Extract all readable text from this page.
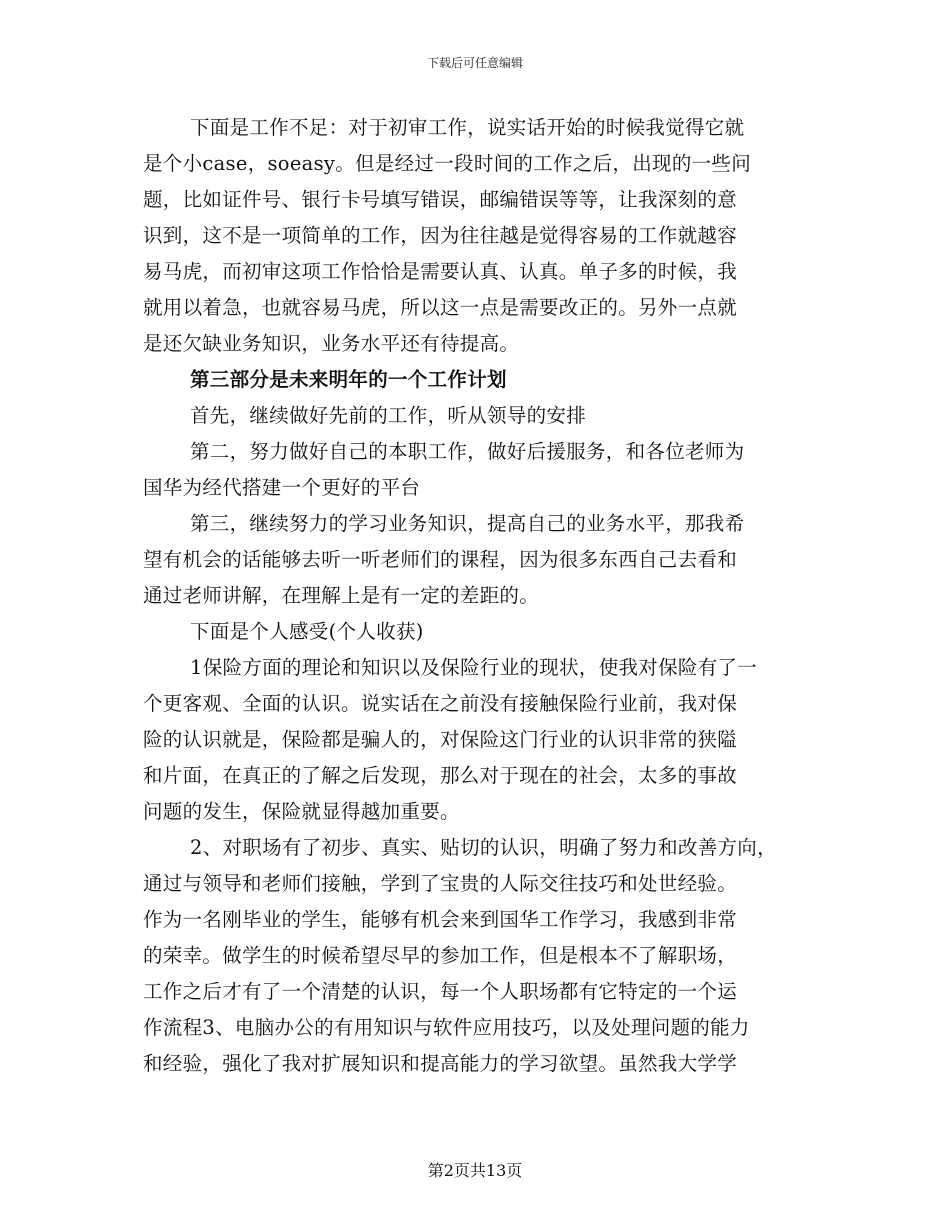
下载后可任意编辑
下面是工作不足：对于初审工作，说实话开始的时候我觉得它就
是个小case，soeasy。但是经过一段时间的工作之后，出现的一些问
题，比如证件号、银行卡号填写错误，邮编错误等等，让我深刻的意
识到，这不是一项简单的工作，因为往往越是觉得容易的工作就越容
易马虎，而初审这项工作恰恰是需要认真、认真。单子多的时候，我
就用以着急，也就容易马虎，所以这一点是需要改正的。另外一点就
是还欠缺业务知识，业务水平还有待提高。
第三部分是未来明年的一个工作计划
首先，继续做好先前的工作，听从领导的安排
第二，努力做好自己的本职工作，做好后援服务，和各位老师为
国华为经代搭建一个更好的平台
第三，继续努力的学习业务知识，提高自己的业务水平，那我希
望有机会的话能够去听一听老师们的课程，因为很多东西自己去看和
通过老师讲解，在理解上是有一定的差距的。
下面是个人感受(个人收获)
1保险方面的理论和知识以及保险行业的现状，使我对保险有了一
个更客观、全面的认识。说实话在之前没有接触保险行业前，我对保
险的认识就是，保险都是骗人的，对保险这门行业的认识非常的狭隘
和片面，在真正的了解之后发现，那么对于现在的社会，太多的事故
问题的发生，保险就显得越加重要。
2、对职场有了初步、真实、贴切的认识，明确了努力和改善方向，
通过与领导和老师们接触，学到了宝贵的人际交往技巧和处世经验。
作为一名刚毕业的学生，能够有机会来到国华工作学习，我感到非常
的荣幸。做学生的时候希望尽早的参加工作，但是根本不了解职场，
工作之后才有了一个清楚的认识，每一个人职场都有它特定的一个运
作流程3、电脑办公的有用知识与软件应用技巧，以及处理问题的能力
和经验，强化了我对扩展知识和提高能力的学习欲望。虽然我大学学
第2页共13页
